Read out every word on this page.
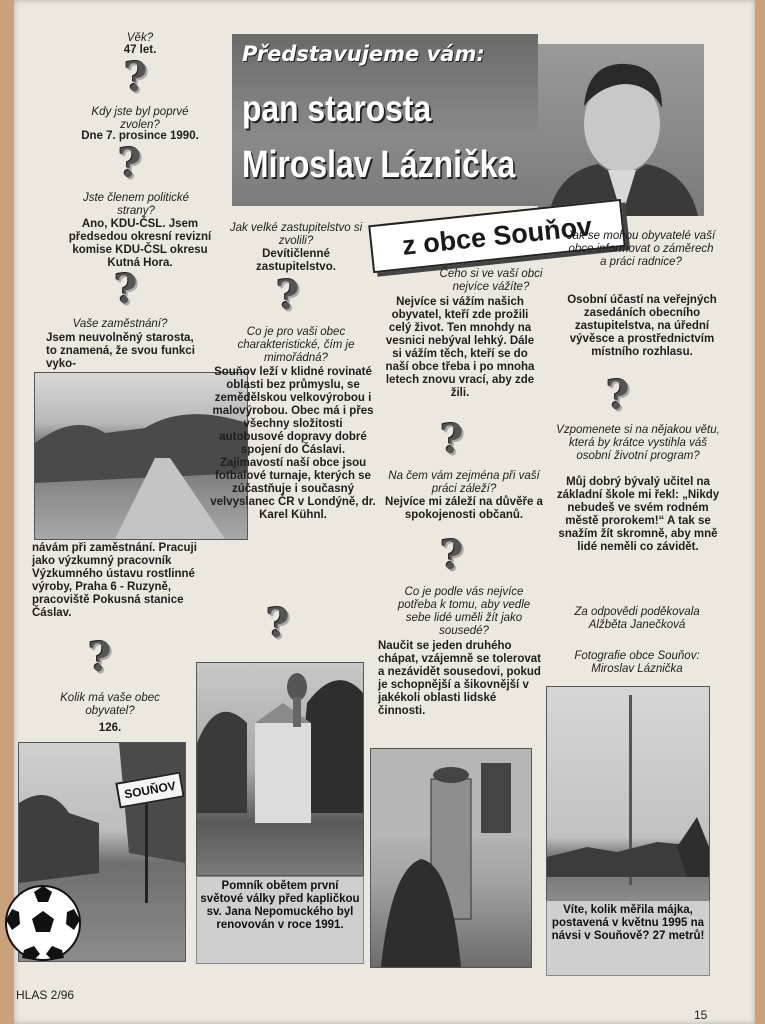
Věk?
47 let.
?
Kdy jste byl poprvé zvolen?
Dne 7. prosince 1990.
?
Jste členem politické strany?
Ano, KDU-ČSL. Jsem předsedou okresní revizní komise KDU-ČSL okresu Kutná Hora.
?
Vaše zaměstnání?
Jsem neuvolněný starosta, to znamená, že svou funkci vyko-
návám při zaměstnání. Pracuji jako výzkumný pracovník Výzkumného ústavu rostlinné výroby, Praha 6 - Ruzyně, pracoviště Pokusná stanice Čáslav.
?
Kolik má vaše obec obyvatel?
126.
SOUŇOV
Představujeme vám:
pan starosta
Miroslav Láznička
z obce Souňov
Jak velké zastupitelstvo si zvolili?
Devítičlenné zastupitelstvo.
?
Co je pro vaši obec charakteristické, čím je mimořádná?
Souňov leží v klidné rovinaté oblasti bez průmyslu, se zemědělskou velkovýrobou i malovýrobou. Obec má i přes všechny složitosti autobusové dopravy dobré spojení do Čáslavi. Zajímavostí naší obce jsou fotbalové turnaje, kterých se zúčastňuje i současný velvyslanec ČR v Londýně, dr. Karel Kühnl.
?
Pomník obětem první světové války před kapličkou sv. Jana Nepomuckého byl renovován v roce 1991.
Čeho si ve vaší obci nejvíce vážíte?
Nejvíce si vážím našich obyvatel, kteří zde prožili celý život. Ten mnohdy na vesnici nebýval lehký. Dále si vážím těch, kteří se do naší obce třeba i po mnoha letech znovu vrací, aby zde žili.
?
Na čem vám zejména při vaší práci záleží?
Nejvíce mi záleží na důvěře a spokojenosti občanů.
?
Co je podle vás nejvíce potřeba k tomu, aby vedle sebe lidé uměli žít jako sousedé?
Naučit se jeden druhého chápat, vzájemně se tolerovat a nezávidět sousedovi, pokud je schopnější a šikovnější v jakékoli oblasti lidské činnosti.
Jak se mohou obyvatelé vaší obce informovat o záměrech a práci radnice?
Osobní účastí na veřejných zasedáních obecního zastupitelstva, na úřední vývěsce a prostřednictvím místního rozhlasu.
?
Vzpomenete si na nějakou větu, která by krátce vystihla váš osobní životní program?
Můj dobrý bývalý učitel na základní škole mi řekl: „Nikdy nebudeš ve svém rodném městě prorokem!“ A tak se snažím žít skromně, aby mně lidé neměli co závidět.
Za odpovědi poděkovala Alžběta Janečková
Fotografie obce Souňov: Miroslav Láznička
Víte, kolik měřila májka, postavená v květnu 1995 na návsi v Souňově? 27 metrů!
HLAS 2/96
15
